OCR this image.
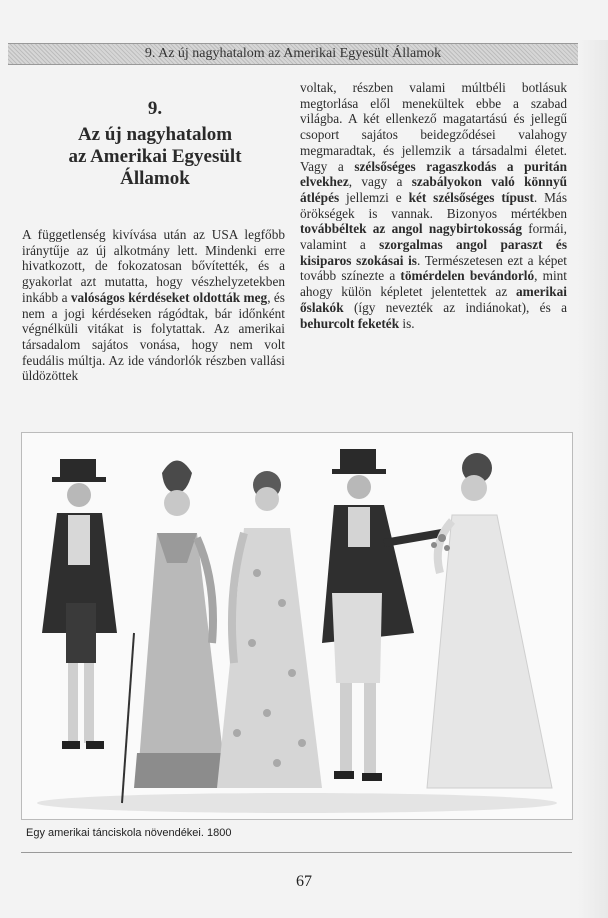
9. Az új nagyhatalom az Amerikai Egyesült Államok
9.
Az új nagyhatalom
az Amerikai Egyesült
Államok

A függetlenség kivívása után az USA legfőbb iránytűje az új alkotmány lett. Mindenki erre hivatkozott, de fokozatosan bővítették, és a gyakorlat azt mutatta, hogy vészhelyzetekben inkább a valóságos kérdéseket oldották meg, és nem a jogi kérdéseken rágódtak, bár időnként végnélküli vitákat is folytattak. Az amerikai társadalom sajátos vonása, hogy nem volt feudális múltja. Az ide vándorlók részben vallási üldözöttek

voltak, részben valami múltbéli botlásuk megtorlása elől menekültek ebbe a szabad világba. A két ellenkező magatartású és jellegű csoport sajátos beidegződései valahogy megmaradtak, és jellemzik a társadalmi életet. Vagy a szélsőséges ragaszkodás a puritán elvekhez, vagy a szabályokon való könnyű átlépés jellemzi e két szélsőséges típust. Más örökségek is vannak. Bizonyos mértékben továbbéltek az angol nagybirtokosság formái, valamint a szorgalmas angol paraszt és kisiparos szokásai is. Természetesen ezt a képet tovább színezte a tömérdelen bevándorló, mint ahogy külön képletet jelentettek az amerikai őslakók (így nevezték az indiánokat), és a behurcolt feketék is.

Egy amerikai tánciskola növendékei. 1800
67
